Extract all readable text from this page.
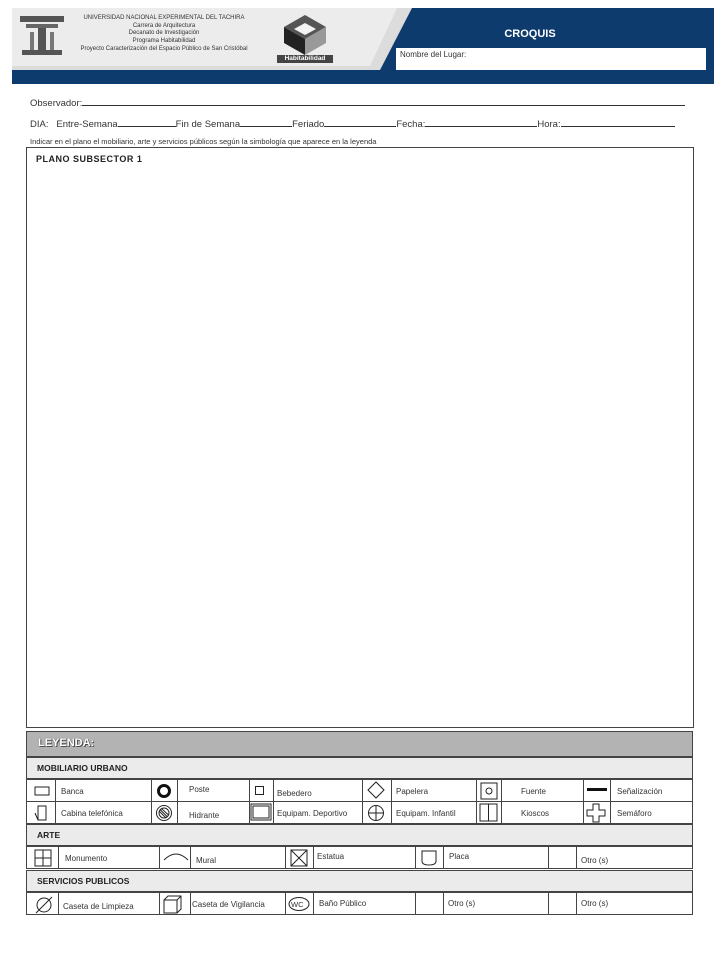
UNIVERSIDAD NACIONAL EXPERIMENTAL DEL TACHIRA
Carrera de Arquitectura
Decanato de Investigación
Programa Habitabilidad
Proyecto Caracterización del Espacio Público de San Cristóbal
Habitabilidad
CROQUIS
Nombre del Lugar:
Observador:
DIA: Entre-Semana	Fin de Semana	Feriado	Fecha:	Hora:
Indicar en el plano el mobiliario, arte y servicios públicos según la simbología que aparece en la leyenda
PLANO SUBSECTOR 1
LEYENDA:
MOBILIARIO URBANO
Banca	Poste	Bebedero	Papelera	Fuente	Señalización
Cabina telefónica	Hidrante	Equipam. Deportivo	Equipam. Infantil	Kioscos	Semáforo
ARTE
Monumento	Mural	Estatua	Placa	Otro (s)
SERVICIOS PUBLICOS
Caseta de Limpieza	Caseta de Vigilancia	WC Baño Público	Otro (s)	Otro (s)
